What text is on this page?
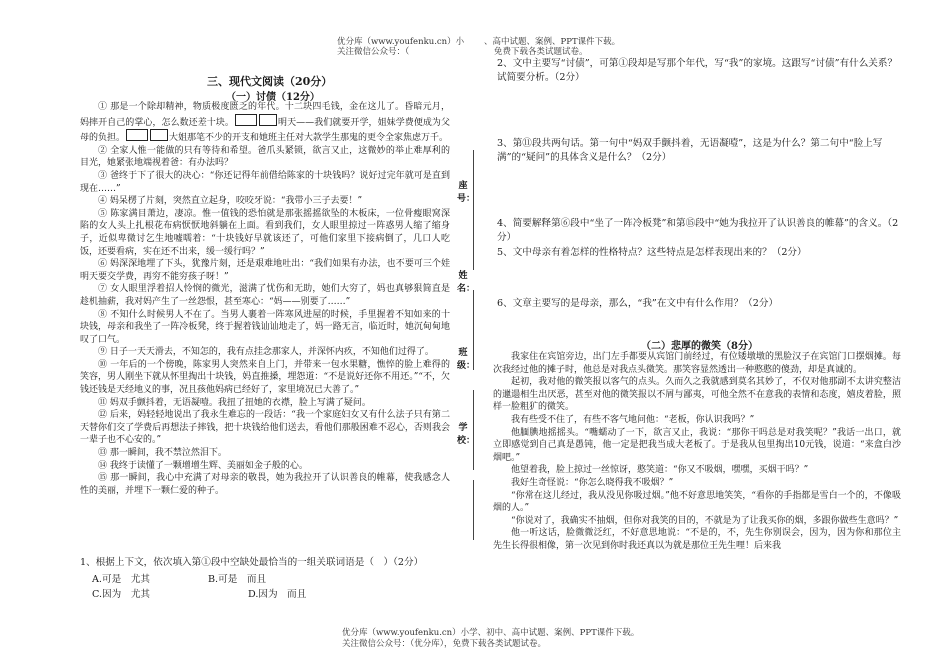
优分库（www.youfenku.cn）小
关注微信公众号：（
、高中试题、案例、PPT课件下载。
免费下载各类试题试卷。
优分库（www.youfenku.cn）小学、初中、高中试题、案例、PPT课件下载。
关注微信公众号：（优分库），免费下载各类试题试卷。
三、现代文阅读（20分）
（一）讨债（12分）

① 那是一个除却精神，物质极度匮乏的年代。十二块四毛钱，金在这儿了。昏暗元月，妈摔开自己的掌心，怎么数还差十块。	明天——我们就要开学，姐妹学费便成为父母的负担。	大姐那笔不少的开支和她班主任对大款学生那鬼的更令全家焦虑万千。

② 全家人惟一能做的只有等待和希望。爸爪头紧锁，欲言又止，这微妙的举止难厚利的目光，她紧张地端视着爸：有办法吗？

③ 爸终于下了很大的决心：“你还记得年前借给陈家的十块钱吗？说好过完年就可是直到现在……”

④ 妈呆楞了片刻，突然直立起身，咬咬牙说：“我带小三子去要！”

⑤ 陈家满目萧边，凄凉。惟一值钱的恐怕就是那张摇摇欲坠的木板床，一位骨瘦眼窝深陷的女人头上扎根花布病恹恹地斜躺在上面。看到我们，女人眼里掠过一阵惑男人缩了缩身子，近似卑微讨乞生地嘘嚅着：“十块钱好早就该还了，可他们家里下接病倒了，几口人吃饭，还要看病，实在还不出来，缓一缓行吗？”

⑥ 妈深深地埋了下头，犹豫片刻，还是艰难地吐出：“我们如果有办法，也不要可三个娃明天要交学费，再穷不能穷孩子呀！”

⑦ 女人眼里浮着招人怜悯的微光，滋满了忧伤和无助，她们大穷了，妈也真够狠简直是趁机抽薪，我对妈产生了一丝怨恨，甚至寒心：“妈——别要了……”

⑧ 不知什么时候男人不在了。当男人裹着一阵寒风进屋的时候，手里握着不知如来的十块钱，母亲和我坐了一阵冷板凳，终于握着钱讪讪地走了，妈一路无言，临近时，她沉甸甸地叹了口气。

⑨ 日子一天天滑去，不知怎的，我有点挂念那家人，并深怀内疚，不知他们过得了。

⑩ 一年后的一个傍晚，陈家男人突然来自上门，并带来一包水果糖，憔悴的脸上难得的笑容，男人刚坐下就从怀里掏出十块钱，妈直推搡，埋怨道：“不是说好还你不用还。”“不，欠钱还钱是天经地义的事，况且孩他妈病已经好了，家里境况已大善了。”

⑪ 妈双手颤抖着，无语凝噎。我扭了扭她的衣襟，脸上写满了疑问。

⑫ 后来，妈轻轻地说出了我永生难忘的一段话：“我一个家庭妇女又有什么法子只有第二天替你们交了学费后再想法子摔钱，把十块钱给他们送去，看他们那般困难不忍心，否则我会一辈子也不心安的。”

⑬ 那一瞬间，我不禁泣然泪下。

⑭ 我终于读懂了一颗增增生辉、美丽如金子般的心。

⑮ 那一瞬间，我心中充满了对母亲的敬畏，她为我拉开了认识善良的帷幕，使我感念人性的美丽，并埋下一颗仁爱的种子。

1、根据上下文，依次填入第①段中空缺处最恰当的一组关联词语是（　）（2分）
A.可是　尤其	B.可是　而且
C.因为　尤其	D.因为　而且
座号：
姓名：
班级：
学校：
2、文中主要写“讨债”，可第①段却是写那个年代，写“我”的家境。这跟写“讨债”有什么关系？试简要分析。（2分）
3、第⑪段共两句话。第一句中“妈双手颤抖着，无语凝噎”，这是为什么？第二句中“脸上写满”的“疑问”的具体含义是什么？（2分）
4、简要解释第⑥段中“坐了一阵冷板凳”和第⑮段中“她为我拉开了认识善良的帷幕”的含义。（2分）
5、文中母亲有着怎样的性格特点？这些特点是怎样表现出来的？（2分）
6、文章主要写的是母亲，那么，“我”在文中有什么作用？（2分）
（二）悲厚的微笑（8分）

我家住在宾馆旁边，出门左手都要从宾馆门前经过，有位矮墩墩的黑脸汉子在宾馆门口摆烟摊。每次我经过他的摊子时，他总是对我点头微笑。那笑容显然透出一种憨憨的傻劲，却是真诚的。

起初，我对他的微笑报以客气的点头。久而久之我就感到莫名其妙了，不仅对他那副不太讲究整洁的邋遢相生出厌恶，甚至对他的微笑报以不屑与鄙夷，可他全然不在意我的表情和态度，嬉皮着脸，照样一脸粗犷的微笑。

我有些受不住了，有些不客气地问他：“老板，你认识我吗？”

他腼腆地摇摇头。“嘴蠕动了一下，欲言又止，我说：“那你干吗总是对我笑呢？”我话一出口，就立即感觉到自己真是愚钝，他一定是把我当成大老板了。于是我从包里掏出10元钱，说道：“来盒白沙烟吧。”

他望着我，脸上掠过一丝惊讶，憨笑道：“你又不吸烟，嘿嘿，买烟干吗？”

我好生奇怪说：“你怎么晓得我不吸烟？”

“你常在这儿经过，我从没见你吸过烟。”他不好意思地笑笑，“看你的手指都是雪白一个的，不像吸烟的人。”

“你说对了，我确实不抽烟，但你对我笑的目的，不就是为了让我买你的烟，多跟你做些生意吗？”

他一听这话，脸微微泛红，不好意思地说：“不是的，不，先生你别误会，因为，因为你和那位主先生长得很相像，第一次见到你时我还真以为就是那位王先生哩！后来我
